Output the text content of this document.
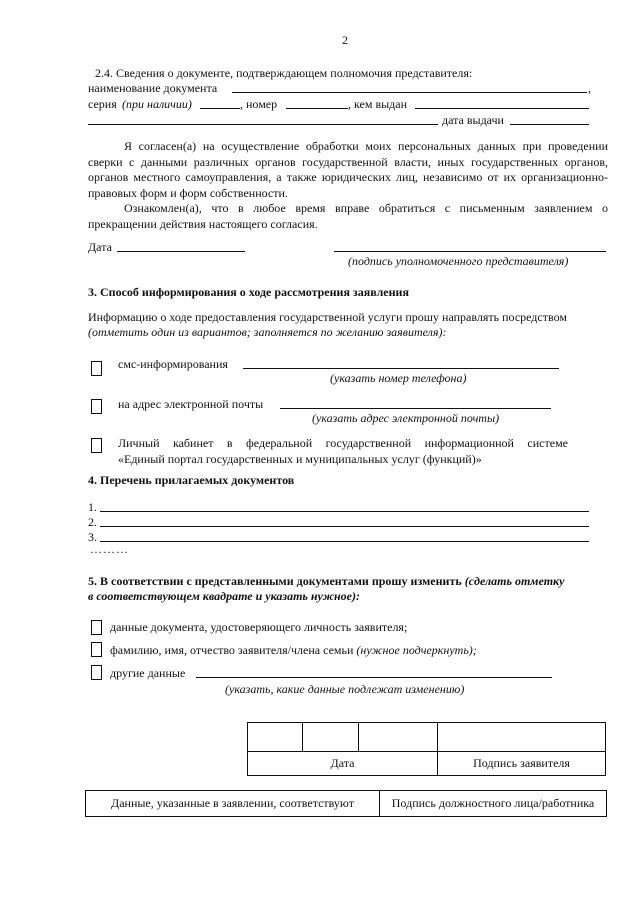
2
2.4. Сведения о документе, подтверждающем полномочия представителя:
наименование документа	,
серия (при наличии)	, номер	, кем выдан
дата выдачи
Я согласен(а) на осуществление обработки моих персональных данных при проведении сверки с данными различных органов государственной власти, иных государственных органов, органов местного самоуправления, а также юридических лиц, независимо от их организационно-правовых форм и форм собственности.
Ознакомлен(а), что в любое время вправе обратиться с письменным заявлением о прекращении действия настоящего согласия.
Дата
(подпись уполномоченного представителя)
3. Способ информирования о ходе рассмотрения заявления
Информацию о ходе предоставления государственной услуги прошу направлять посредством
(отметить один из вариантов; заполняется по желанию заявителя):
смс-информирования
(указать номер телефона)
на адрес электронной почты
(указать адрес электронной почты)
Личный кабинет в федеральной государственной информационной системе
«Единый портал государственных и муниципальных услуг (функций)»
4. Перечень прилагаемых документов
1.
2.
3.
………
5. В соответствии с представленными документами прошу изменить (сделать отметку
в соответствующем квадрате и указать нужное):
данные документа, удостоверяющего личность заявителя;
фамилию, имя, отчество заявителя/члена семьи (нужное подчеркнуть);
другие данные
(указать, какие данные подлежат изменению)

Дата			Подпись заявителя
Данные, указанные в заявлении, соответствуют	Подпись должностного лица/работника
